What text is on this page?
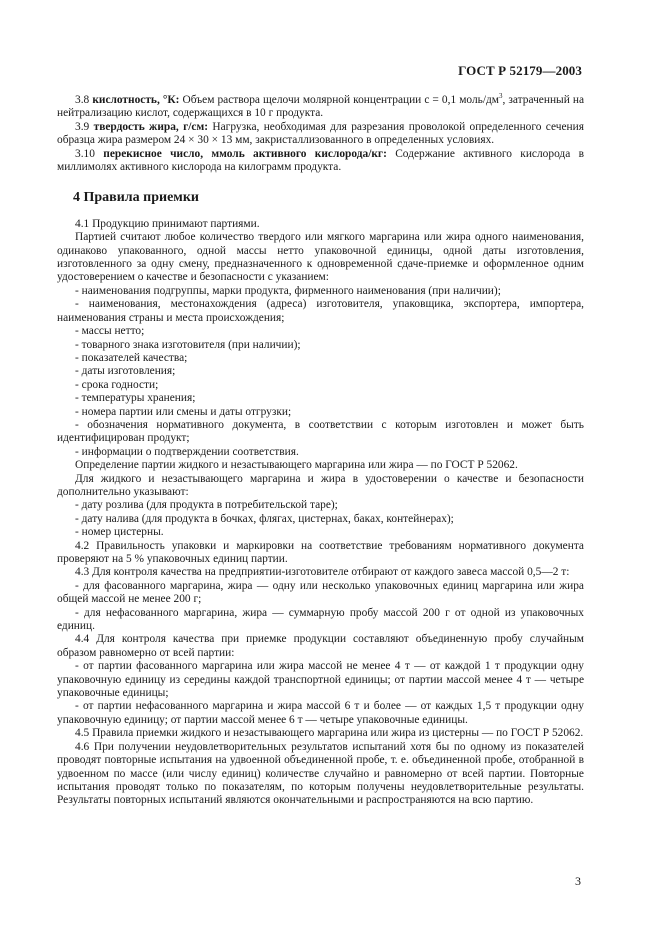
ГОСТ Р 52179—2003

3.8 кислотность, °К: Объем раствора щелочи молярной концентрации c = 0,1 моль/$дм^3$, затраченный на нейтрализацию кислот, содержащихся в 10 г продукта.

3.9 твердость жира, г/см: Нагрузка, необходимая для разрезания проволокой определенного сечения образца жира размером 24 × 30 × 13 мм, закристаллизованного в определенных условиях.

3.10 перекисное число, ммоль активного кислорода/кг: Содержание активного кислорода в миллимолях активного кислорода на килограмм продукта.

4 Правила приемки

4.1 Продукцию принимают партиями.

Партией считают любое количество твердого или мягкого маргарина или жира одного наименования, одинаково упакованного, одной массы нетто упаковочной единицы, одной даты изготовления, изготовленного за одну смену, предназначенного к одновременной сдаче-приемке и оформленное одним удостоверением о качестве и безопасности с указанием:

- наименования подгруппы, марки продукта, фирменного наименования (при наличии);

- наименования, местонахождения (адреса) изготовителя, упаковщика, экспортера, импортера, наименования страны и места происхождения;

- массы нетто;

- товарного знака изготовителя (при наличии);

- показателей качества;

- даты изготовления;

- срока годности;

- температуры хранения;

- номера партии или смены и даты отгрузки;

- обозначения нормативного документа, в соответствии с которым изготовлен и может быть идентифицирован продукт;

- информации о подтверждении соответствия.

Определение партии жидкого и незастывающего маргарина или жира — по ГОСТ Р 52062.

Для жидкого и незастывающего маргарина и жира в удостоверении о качестве и безопасности дополнительно указывают:

- дату розлива (для продукта в потребительской таре);

- дату налива (для продукта в бочках, флягах, цистернах, баках, контейнерах);

- номер цистерны.

4.2 Правильность упаковки и маркировки на соответствие требованиям нормативного документа проверяют на 5 % упаковочных единиц партии.

4.3 Для контроля качества на предприятии-изготовителе отбирают от каждого завеса массой 0,5—2 т:

- для фасованного маргарина, жира — одну или несколько упаковочных единиц маргарина или жира общей массой не менее 200 г;

- для нефасованного маргарина, жира — суммарную пробу массой 200 г от одной из упаковочных единиц.

4.4 Для контроля качества при приемке продукции составляют объединенную пробу случайным образом равномерно от всей партии:

- от партии фасованного маргарина или жира массой не менее 4 т — от каждой 1 т продукции одну упаковочную единицу из середины каждой транспортной единицы; от партии массой менее 4 т — четыре упаковочные единицы;

- от партии нефасованного маргарина и жира массой 6 т и более — от каждых 1,5 т продукции одну упаковочную единицу; от партии массой менее 6 т — четыре упаковочные единицы.

4.5 Правила приемки жидкого и незастывающего маргарина или жира из цистерны — по ГОСТ Р 52062.

4.6 При получении неудовлетворительных результатов испытаний хотя бы по одному из показателей проводят повторные испытания на удвоенной объединенной пробе, т. е. объединенной пробе, отобранной в удвоенном по массе (или числу единиц) количестве случайно и равномерно от всей партии. Повторные испытания проводят только по показателям, по которым получены неудовлетворительные результаты. Результаты повторных испытаний являются окончательными и распространяются на всю партию.

3
